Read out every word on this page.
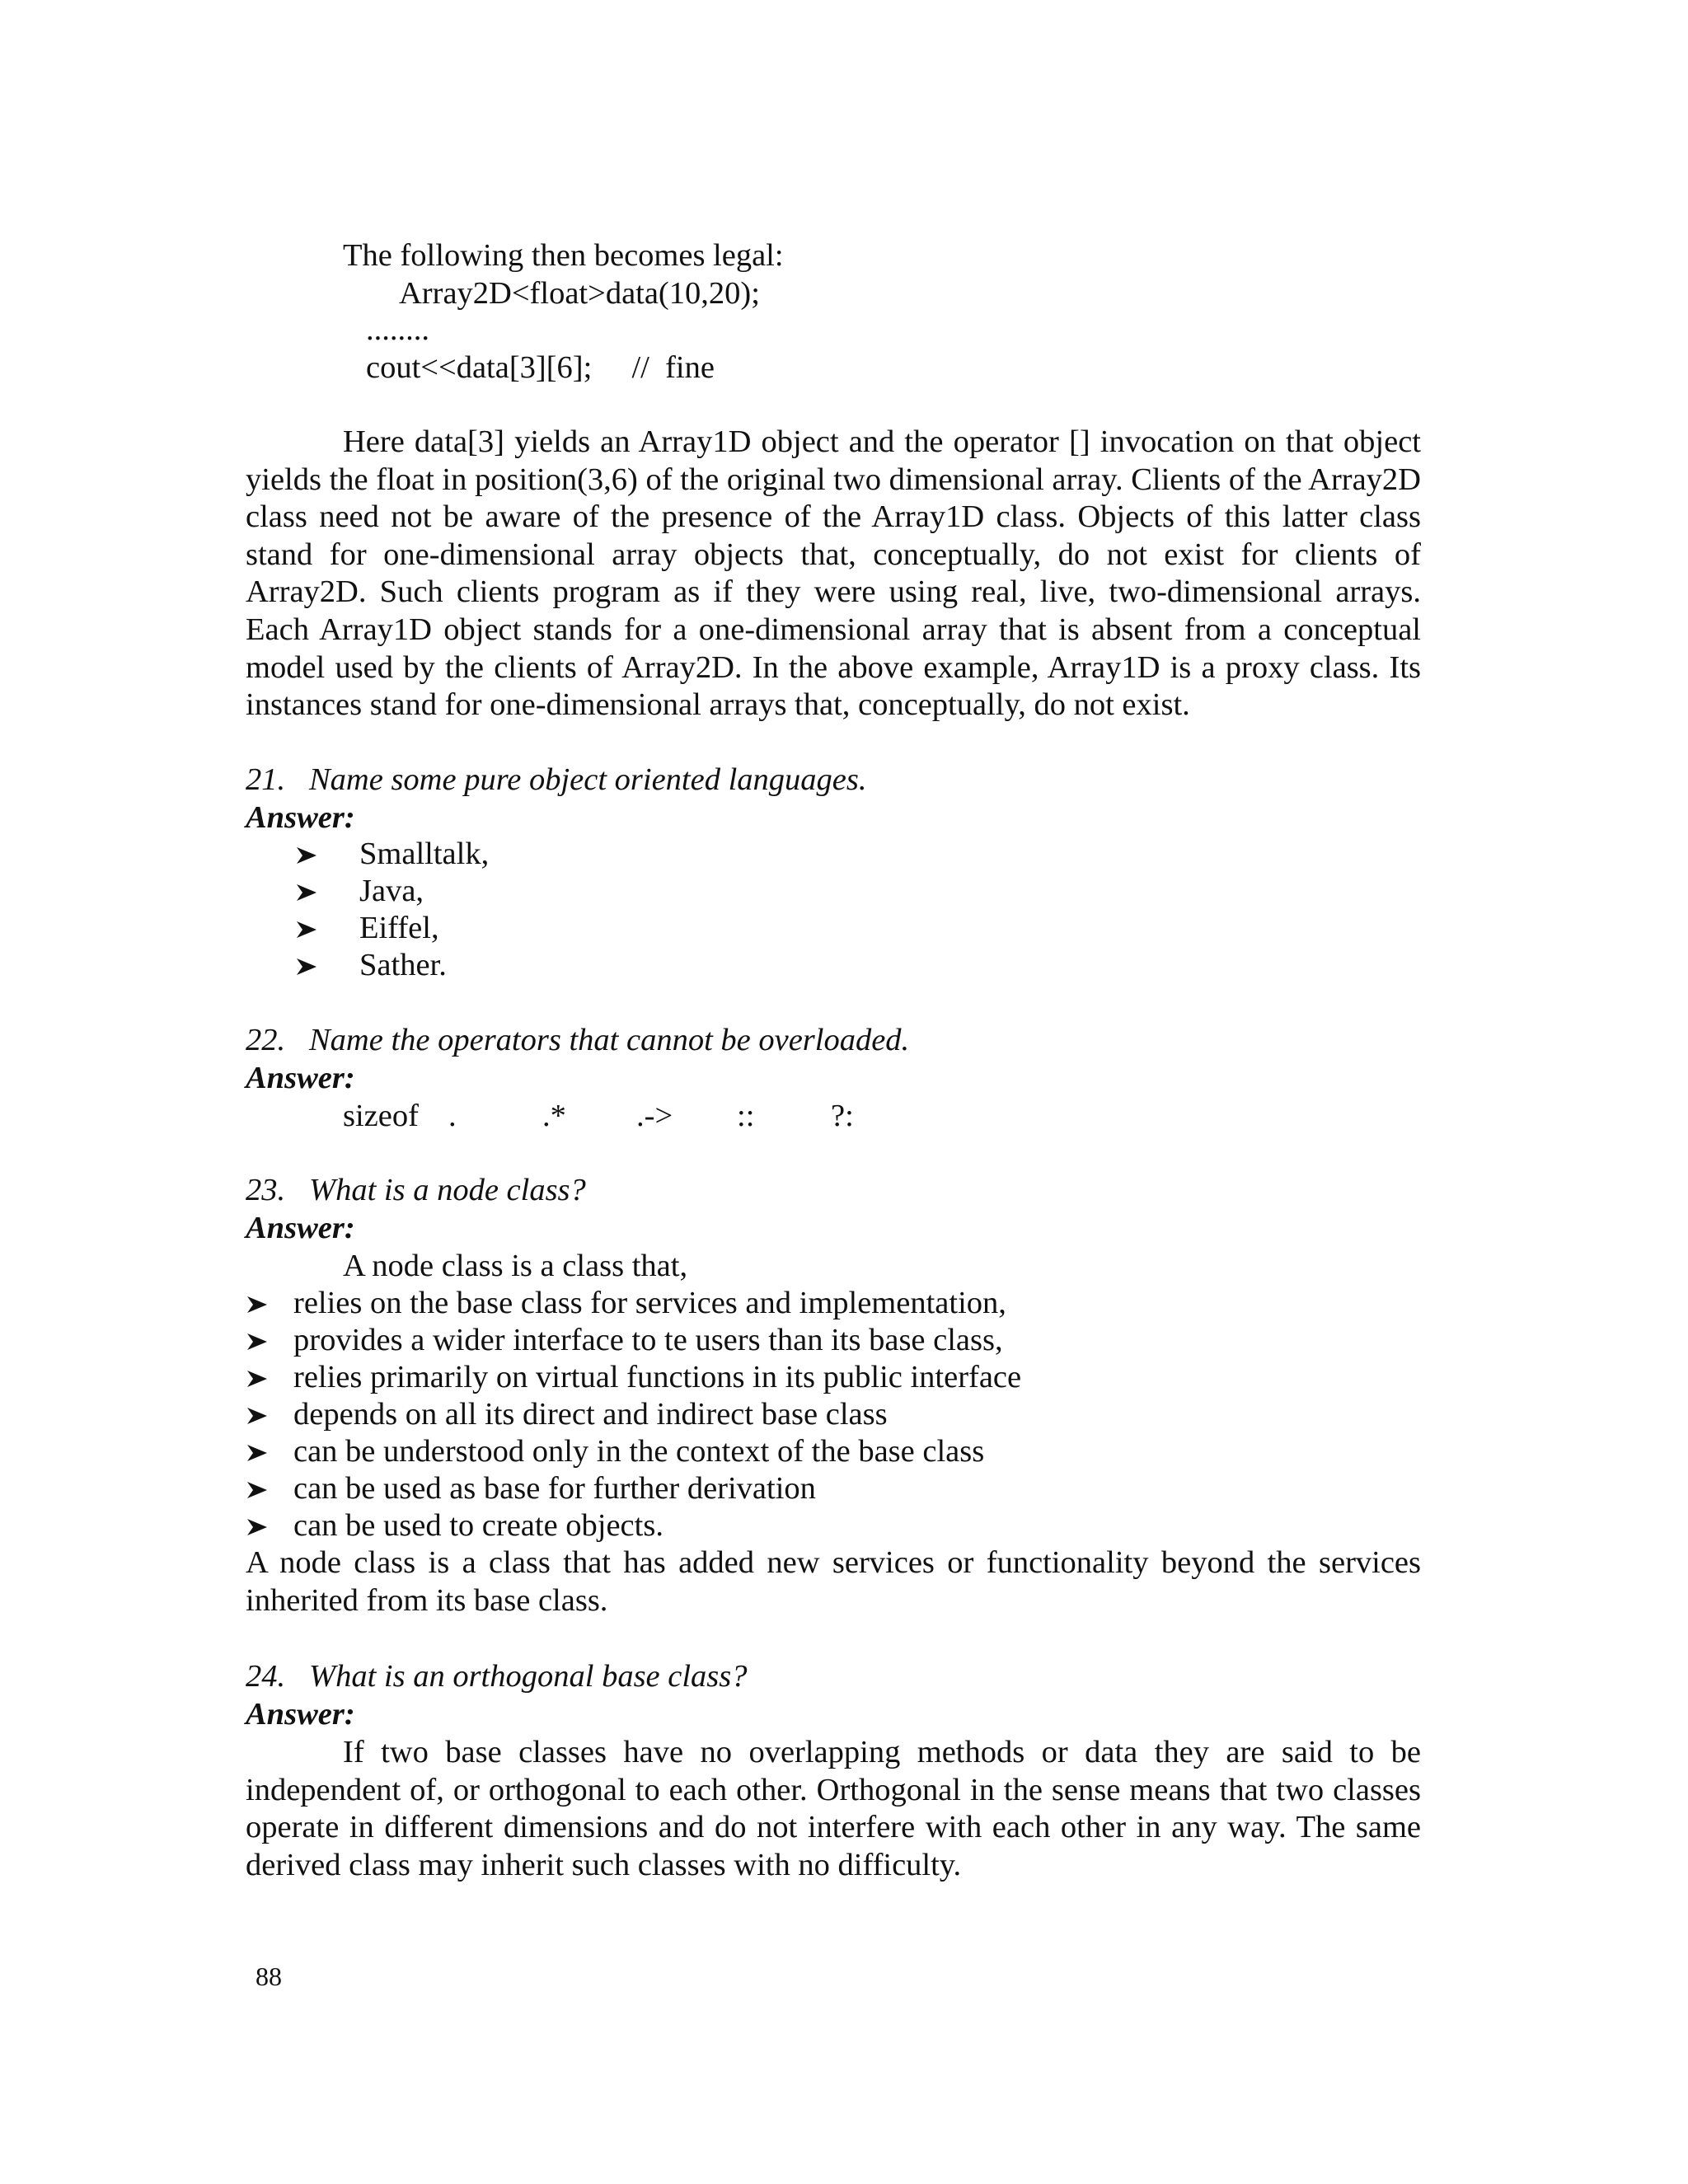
The following then becomes legal:
Array2D<float>data(10,20);
........
cout<<data[3][6];     //  fine
Here data[3] yields an Array1D object and the operator [] invocation on that object yields the float in position(3,6) of the original two dimensional array. Clients of the Array2D class need not be aware of the presence of the Array1D class. Objects of this latter class stand for one-dimensional array objects that, conceptually, do not exist for clients of Array2D. Such clients program as if they were using real, live, two-dimensional arrays. Each Array1D object stands for a one-dimensional array that is absent from a conceptual model used by the clients of Array2D. In the above example, Array1D is a proxy class. Its instances stand for one-dimensional arrays that, conceptually, do not exist.
21.   Name some pure object oriented languages.
Answer:
Smalltalk,
Java,
Eiffel,
Sather.
22.   Name the operators that cannot be overloaded.
Answer:
sizeof .	.* .-> :: ?:
23.   What is a node class?
Answer:
A node class is a class that,
relies on the base class for services and implementation,
provides a wider interface to te users than its base class,
relies primarily on virtual functions in its public interface
depends on all its direct and indirect base class
can be understood only in the context of the base class
can be used as base for further derivation
can be used to create objects.
A node class is a class that has added new services or functionality beyond the services inherited from its base class.
24.   What is an orthogonal base class?
Answer:
If two base classes have no overlapping methods or data they are said to be independent of, or orthogonal to each other. Orthogonal in the sense means that two classes operate in different dimensions and do not interfere with each other in any way. The same derived class may inherit such classes with no difficulty.
88
